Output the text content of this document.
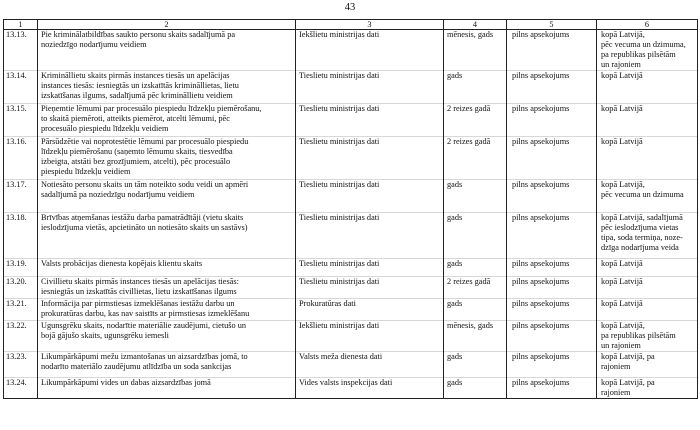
43
1	2	3	4	5	6
13.13.	Pie kriminālatbildības saukto personu skaits sadalījumā pa
noziedzīgo nodarījumu veidiem	Iekšlietu ministrijas dati	mēnesis, gads	pilns apsekojums	kopā Latvijā,
pēc vecuma un dzimuma,
pa republikas pilsētām
un rajoniem

13.14.	Krimināllietu skaits pirmās instances tiesās un apelācijas
instances tiesās: iesniegtās un izskatītās krimināllietas, lietu
izskatīšanas ilgums, sadalījumā pēc krimināllietu veidiem	Tieslietu ministrijas dati	gads	pilns apsekojums	kopā Latvijā

13.15.	Pieņemtie lēmumi par procesuālo piespiedu līdzekļu piemērošanu,
to skaitā piemēroti, atteikts piemērot, atcelti lēmumi, pēc
procesuālo piespiedu līdzekļu veidiem	Tieslietu ministrijas dati	2 reizes gadā	pilns apsekojums	kopā Latvijā

13.16.	Pārsūdzētie vai noprotestētie lēmumi par procesuālo piespiedu
līdzekļu piemērošanu (saņemto lēmumu skaits, tiesvedība
izbeigta, atstāti bez grozījumiem, atcelti), pēc procesuālo
piespiedu līdzekļu veidiem	Tieslietu ministrijas dati	2 reizes gadā	pilns apsekojums	kopā Latvijā

13.17.	Notiesāto personu skaits un tām noteikto sodu veidi un apmēri
sadalījumā pa noziedzīgu nodarījumu veidiem	Tieslietu ministrijas dati	gads	pilns apsekojums	kopā Latvijā,
pēc vecuma un dzimuma

13.18.	Brīvības atņemšanas iestāžu darba pamatrādītāji (vietu skaits
ieslodzījuma vietās, apcietināto un notiesāto skaits un sastāvs)	Tieslietu ministrijas dati	gads	pilns apsekojums	kopā Latvijā, sadalījumā
pēc ieslodzījuma vietas
tipa, soda termiņa, noze-
dzīga nodarījuma veida

13.19.	Valsts probācijas dienesta kopējais klientu skaits	Tieslietu ministrijas dati	gads	pilns apsekojums	kopā Latvijā

13.20.	Civillietu skaits pirmās instances tiesās un apelācijas tiesās:
iesniegtās un izskatītās civillietas, lietu izskatīšanas ilgums	Tieslietu ministrijas dati	2 reizes gadā	pilns apsekojums	kopā Latvijā

13.21.	Informācija par pirmstiesas izmeklēšanas iestāžu darbu un
prokuratūras darbu, kas nav saistīts ar pirmstiesas izmeklēšanu	Prokuratūras dati	gads	pilns apsekojums	kopā Latvijā

13.22.	Ugunsgrēku skaits, nodarītie materiālie zaudējumi, cietušo un
bojā gājušo skaits, ugunsgrēku iemesli	Iekšlietu ministrijas dati	mēnesis, gads	pilns apsekojums	kopā Latvijā,
pa republikas pilsētām
un rajoniem

13.23.	Likumpārkāpumi mežu izmantošanas un aizsardzības jomā, to
nodarīto materiālo zaudējumu atlīdzība un soda sankcijas	Valsts meža dienesta dati	gads	pilns apsekojums	kopā Latvijā, pa
rajoniem

13.24.	Likumpārkāpumi vides un dabas aizsardzības jomā	Vides valsts inspekcijas dati	gads	pilns apsekojums	kopā Latvijā, pa
rajoniem
